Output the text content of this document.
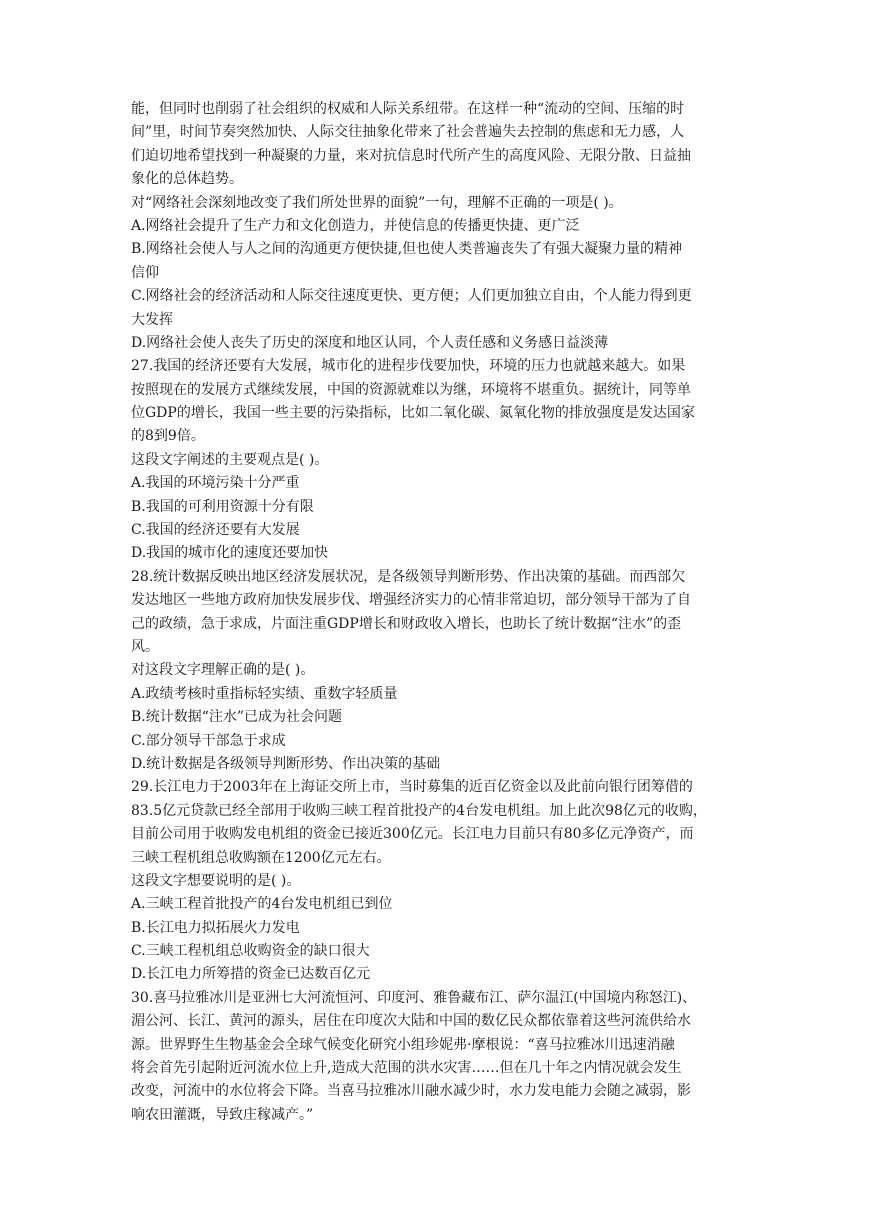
能，但同时也削弱了社会组织的权威和人际关系纽带。在这样一种“流动的空间、压缩的时
间”里，时间节奏突然加快、人际交往抽象化带来了社会普遍失去控制的焦虑和无力感，人
们迫切地希望找到一种凝聚的力量，来对抗信息时代所产生的高度风险、无限分散、日益抽
象化的总体趋势。
对“网络社会深刻地改变了我们所处世界的面貌”一句，理解不正确的一项是( )。
A.网络社会提升了生产力和文化创造力，并使信息的传播更快捷、更广泛
B.网络社会使人与人之间的沟通更方便快捷,但也使人类普遍丧失了有强大凝聚力量的精神
信仰
C.网络社会的经济活动和人际交往速度更快、更方便；人们更加独立自由，个人能力得到更
大发挥
D.网络社会使人丧失了历史的深度和地区认同，个人责任感和义务感日益淡薄
27.我国的经济还要有大发展，城市化的进程步伐要加快，环境的压力也就越来越大。如果
按照现在的发展方式继续发展，中国的资源就难以为继，环境将不堪重负。据统计，同等单
位GDP的增长，我国一些主要的污染指标，比如二氧化碳、氮氧化物的排放强度是发达国家
的8到9倍。
这段文字阐述的主要观点是( )。
A.我国的环境污染十分严重
B.我国的可利用资源十分有限
C.我国的经济还要有大发展
D.我国的城市化的速度还要加快
28.统计数据反映出地区经济发展状况，是各级领导判断形势、作出决策的基础。而西部欠
发达地区一些地方政府加快发展步伐、增强经济实力的心情非常迫切，部分领导干部为了自
己的政绩，急于求成，片面注重GDP增长和财政收入增长，也助长了统计数据“注水”的歪
风。
对这段文字理解正确的是( )。
A.政绩考核时重指标轻实绩、重数字轻质量
B.统计数据“注水”已成为社会问题
C.部分领导干部急于求成
D.统计数据是各级领导判断形势、作出决策的基础
29.长江电力于2003年在上海证交所上市，当时募集的近百亿资金以及此前向银行团筹借的
83.5亿元贷款已经全部用于收购三峡工程首批投产的4台发电机组。加上此次98亿元的收购，
目前公司用于收购发电机组的资金已接近300亿元。长江电力目前只有80多亿元净资产，而
三峡工程机组总收购额在1200亿元左右。
这段文字想要说明的是( )。
A.三峡工程首批投产的4台发电机组已到位
B.长江电力拟拓展火力发电
C.三峡工程机组总收购资金的缺口很大
D.长江电力所筹措的资金已达数百亿元
30.喜马拉雅冰川是亚洲七大河流恒河、印度河、雅鲁藏布江、萨尔温江(中国境内称怒江)、
湄公河、长江、黄河的源头，居住在印度次大陆和中国的数亿民众都依靠着这些河流供给水
源。世界野生生物基金会全球气候变化研究小组珍妮弗·摩根说：“喜马拉雅冰川迅速消融
将会首先引起附近河流水位上升,造成大范围的洪水灾害……但在几十年之内情况就会发生
改变，河流中的水位将会下降。当喜马拉雅冰川融水减少时，水力发电能力会随之减弱，影
响农田灌溉，导致庄稼减产。”
